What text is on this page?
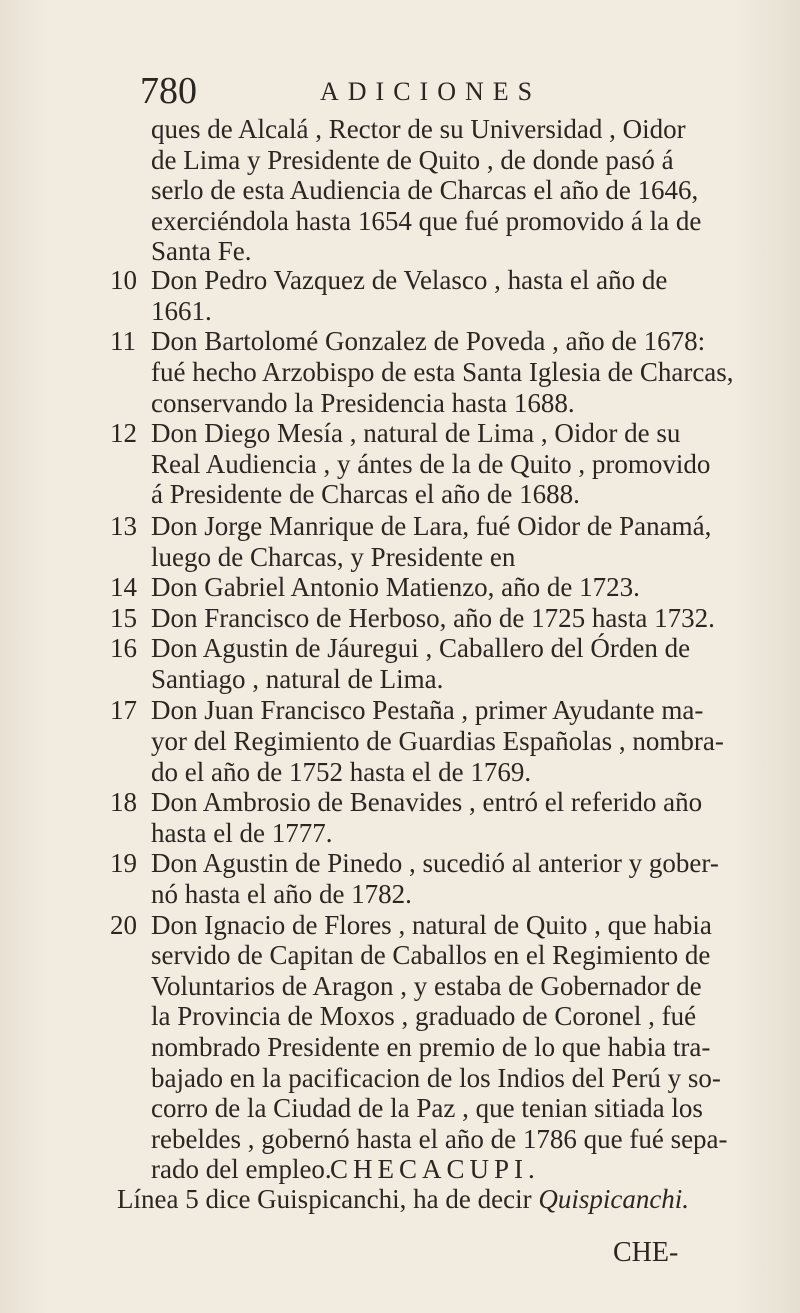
780	ADICIONES
ques de Alcalá , Rector de su Universidad , Oidor
de Lima y Presidente de Quito , de donde pasó á
serlo de esta Audiencia de Charcas el año de 1646,
exerciéndola hasta 1654 que fué promovido á la de
Santa Fe.
10 Don Pedro Vazquez de Velasco , hasta el año de
1661.
11 Don Bartolomé Gonzalez de Poveda , año de 1678:
fué hecho Arzobispo de esta Santa Iglesia de Charcas,
conservando la Presidencia hasta 1688.
12 Don Diego Mesía , natural de Lima , Oidor de su
Real Audiencia , y ántes de la de Quito , promovido
á Presidente de Charcas el año de 1688.
13 Don Jorge Manrique de Lara, fué Oidor de Panamá,
luego de Charcas, y Presidente en
14 Don Gabriel Antonio Matienzo, año de 1723.
15 Don Francisco de Herboso, año de 1725 hasta 1732.
16 Don Agustin de Jáuregui , Caballero del Órden de
Santiago , natural de Lima.
17 Don Juan Francisco Pestaña , primer Ayudante ma-
yor del Regimiento de Guardias Españolas , nombra-
do el año de 1752 hasta el de 1769.
18 Don Ambrosio de Benavides , entró el referido año
hasta el de 1777.
19 Don Agustin de Pinedo , sucedió al anterior y gober-
nó hasta el año de 1782.
20 Don Ignacio de Flores , natural de Quito , que habia
servido de Capitan de Caballos en el Regimiento de
Voluntarios de Aragon , y estaba de Gobernador de
la Provincia de Moxos , graduado de Coronel , fué
nombrado Presidente en premio de lo que habia tra-
bajado en la pacificacion de los Indios del Perú y so-
corro de la Ciudad de la Paz , que tenian sitiada los
rebeldes , gobernó hasta el año de 1786 que fué sepa-
rado del empleo.
CHECACUPI.
Línea 5 dice Guispicanchi, ha de decir Quispicanchi.
CHE-
